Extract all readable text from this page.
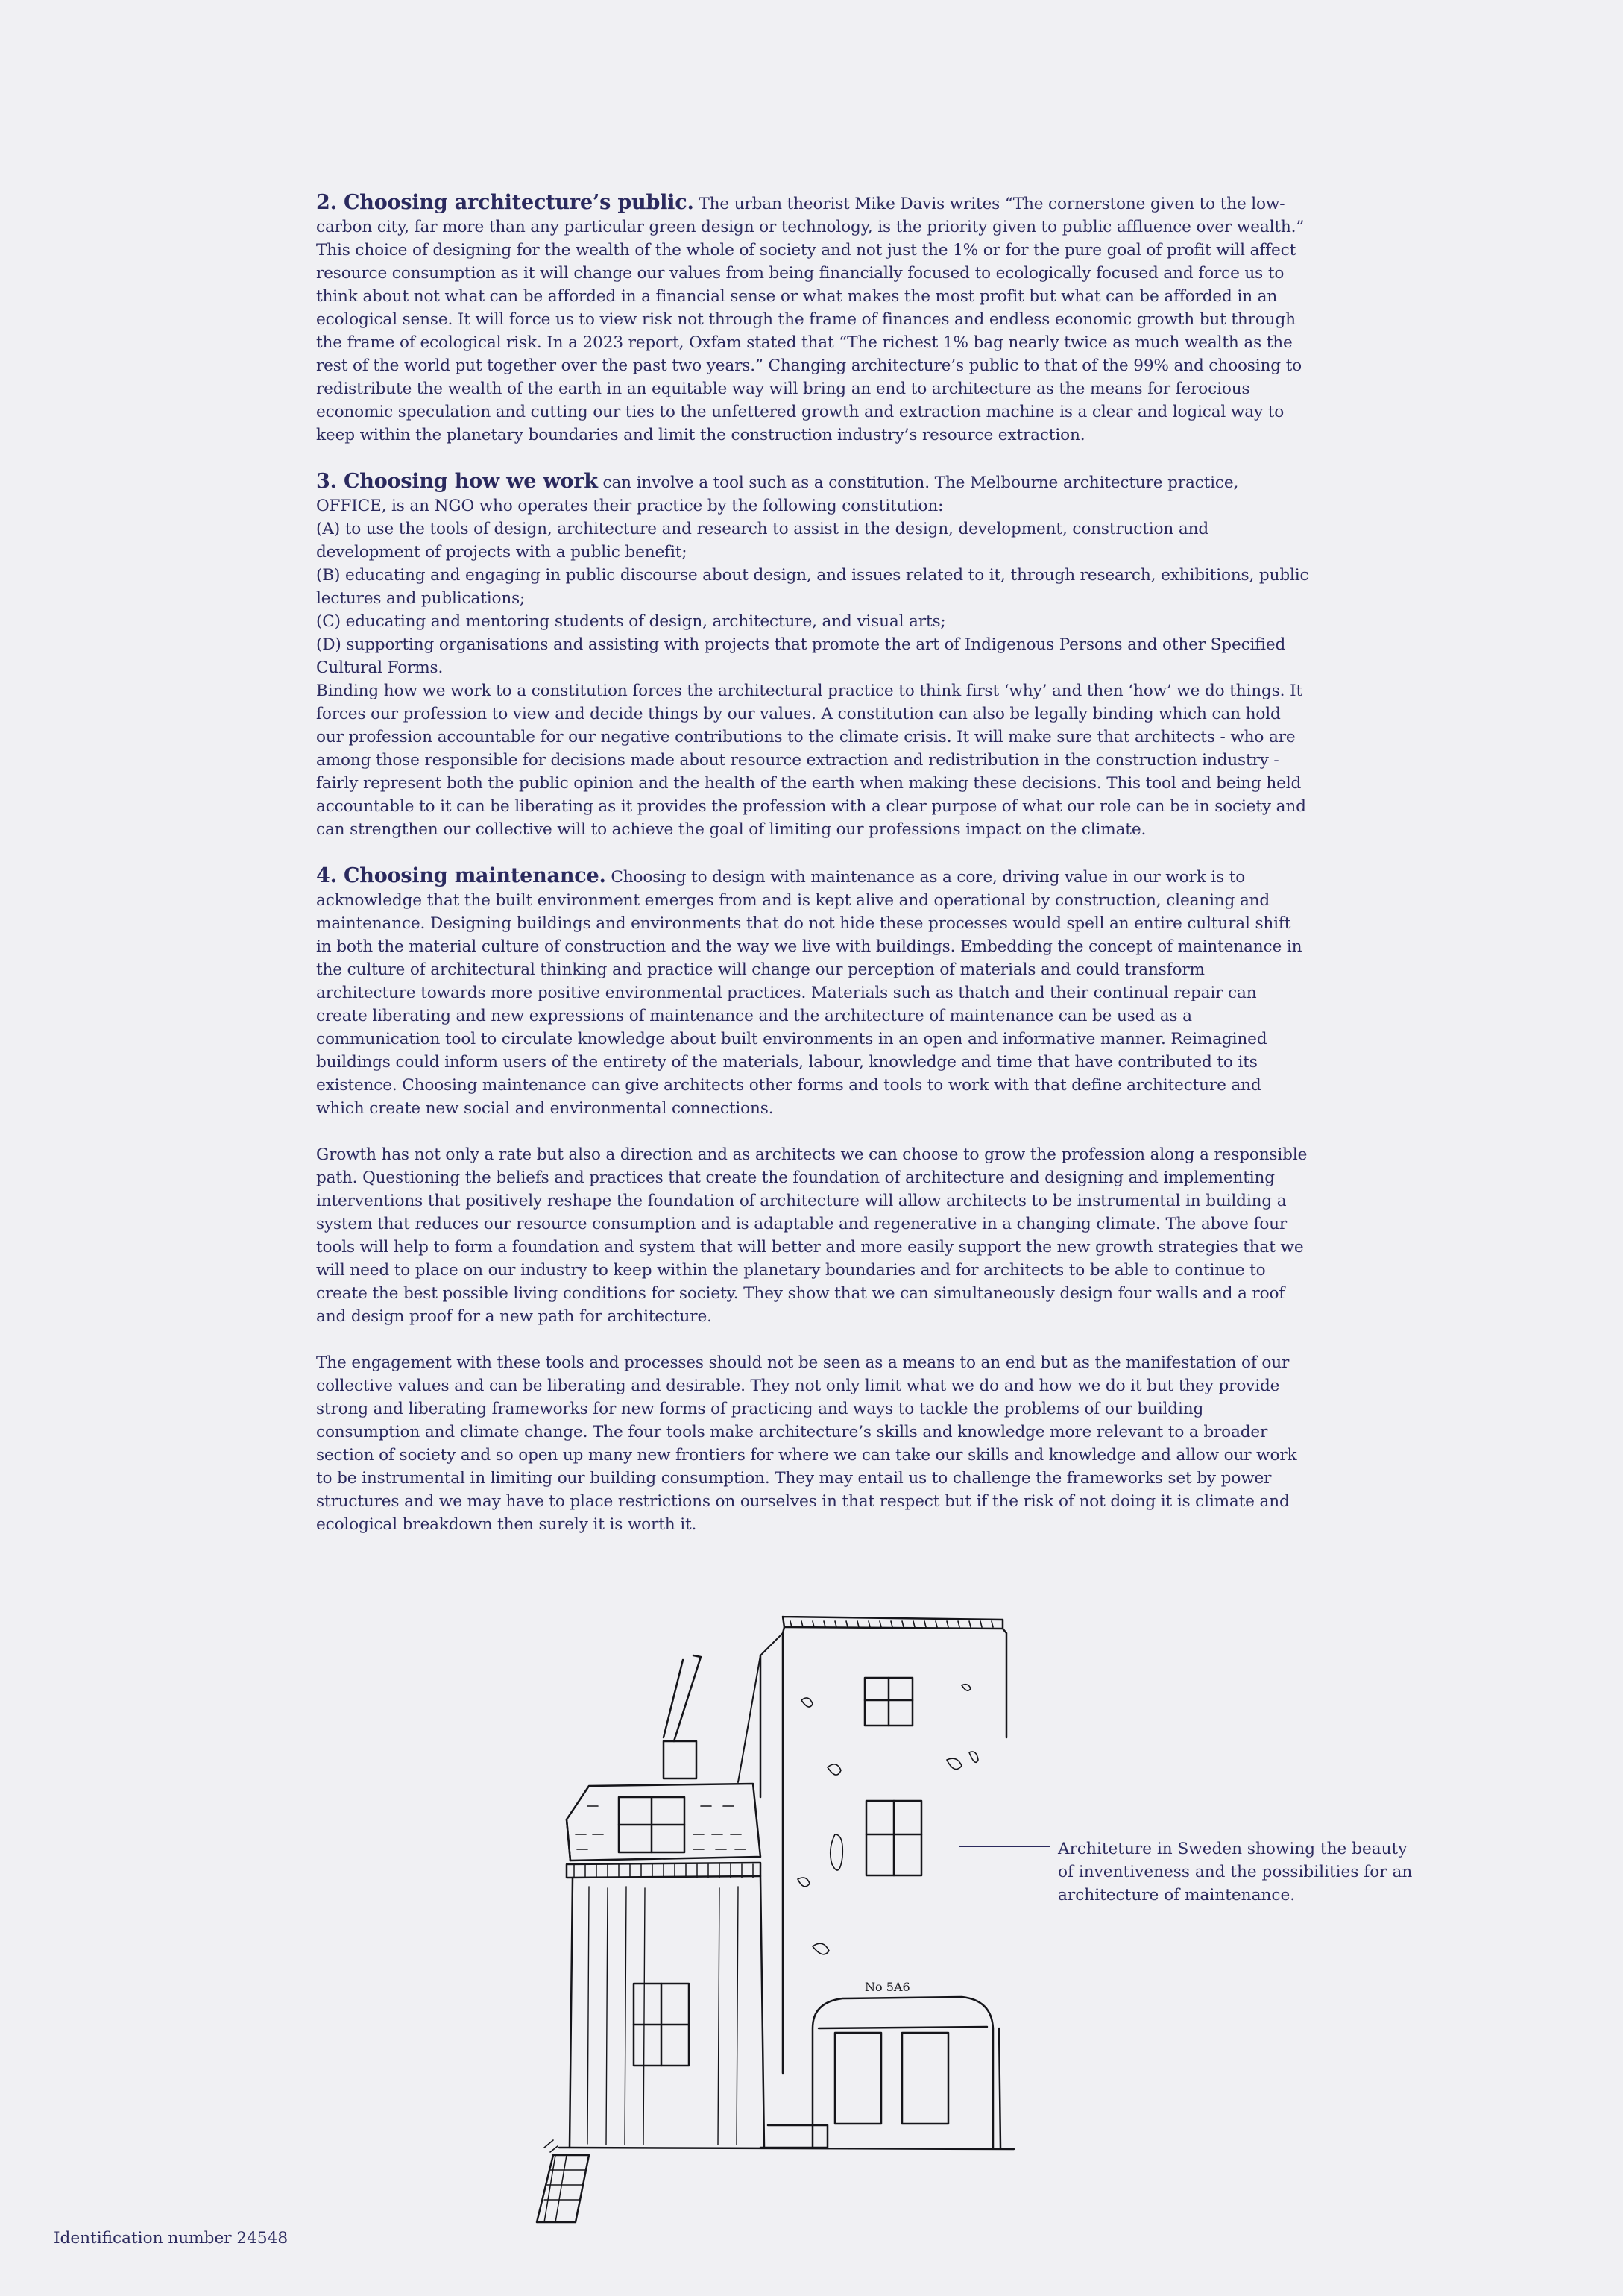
2. Choosing architecture’s public. The urban theorist Mike Davis writes “The cornerstone given to the low-carbon city, far more than any particular green design or technology, is the priority given to public affluence over wealth.” This choice of designing for the wealth of the whole of society and not just the 1% or for the pure goal of profit will affect resource consumption as it will change our values from being financially focused to ecologically focused and force us to think about not what can be afforded in a financial sense or what makes the most profit but what can be afforded in an ecological sense. It will force us to view risk not through the frame of finances and endless economic growth but through the frame of ecological risk. In a 2023 report, Oxfam stated that “The richest 1% bag nearly twice as much wealth as the rest of the world put together over the past two years.” Changing architecture’s public to that of the 99% and choosing to redistribute the wealth of the earth in an equitable way will bring an end to architecture as the means for ferocious economic speculation and cutting our ties to the unfettered growth and extraction machine is a clear and logical way to keep within the planetary boundaries and limit the construction industry’s resource extraction.

3. Choosing how we work can involve a tool such as a constitution. The Melbourne architecture practice, OFFICE, is an NGO who operates their practice by the following constitution:
(A) to use the tools of design, architecture and research to assist in the design, development, construction and development of projects with a public benefit;
(B) educating and engaging in public discourse about design, and issues related to it, through research, exhibitions, public lectures and publications;
(C) educating and mentoring students of design, architecture, and visual arts;
(D) supporting organisations and assisting with projects that promote the art of Indigenous Persons and other Specified Cultural Forms.
Binding how we work to a constitution forces the architectural practice to think first ‘why’ and then ‘how’ we do things. It forces our profession to view and decide things by our values. A constitution can also be legally binding which can hold our profession accountable for our negative contributions to the climate crisis. It will make sure that architects - who are among those responsible for decisions made about resource extraction and redistribution in the construction industry - fairly represent both the public opinion and the health of the earth when making these decisions. This tool and being held accountable to it can be liberating as it provides the profession with a clear purpose of what our role can be in society and can strengthen our collective will to achieve the goal of limiting our professions impact on the climate.

4. Choosing maintenance. Choosing to design with maintenance as a core, driving value in our work is to acknowledge that the built environment emerges from and is kept alive and operational by construction, cleaning and maintenance. Designing buildings and environments that do not hide these processes would spell an entire cultural shift in both the material culture of construction and the way we live with buildings. Embedding the concept of maintenance in the culture of architectural thinking and practice will change our perception of materials and could transform architecture towards more positive environmental practices. Materials such as thatch and their continual repair can create liberating and new expressions of maintenance and the architecture of maintenance can be used as a communication tool to circulate knowledge about built environments in an open and informative manner. Reimagined buildings could inform users of the entirety of the materials, labour, knowledge and time that have contributed to its existence. Choosing maintenance can give architects other forms and tools to work with that define architecture and which create new social and environmental connections.

Growth has not only a rate but also a direction and as architects we can choose to grow the profession along a responsible path. Questioning the beliefs and practices that create the foundation of architecture and designing and implementing interventions that positively reshape the foundation of architecture will allow architects to be instrumental in building a system that reduces our resource consumption and is adaptable and regenerative in a changing climate. The above four tools will help to form a foundation and system that will better and more easily support the new growth strategies that we will need to place on our industry to keep within the planetary boundaries and for architects to be able to continue to create the best possible living conditions for society. They show that we can simultaneously design four walls and a roof and design proof for a new path for architecture.

The engagement with these tools and processes should not be seen as a means to an end but as the manifestation of our collective values and can be liberating and desirable. They not only limit what we do and how we do it but they provide strong and liberating frameworks for new forms of practicing and ways to tackle the problems of our building consumption and climate change. The four tools make architecture’s skills and knowledge more relevant to a broader section of society and so open up many new frontiers for where we can take our skills and knowledge and allow our work to be instrumental in limiting our building consumption. They may entail us to challenge the frameworks set by power structures and we may have to place restrictions on ourselves in that respect but if the risk of not doing it is climate and ecological breakdown then surely it is worth it.

No 5A6
Architeture in Sweden showing the beauty of inventiveness and the possibilities for an architecture of maintenance.
Identification number 24548
